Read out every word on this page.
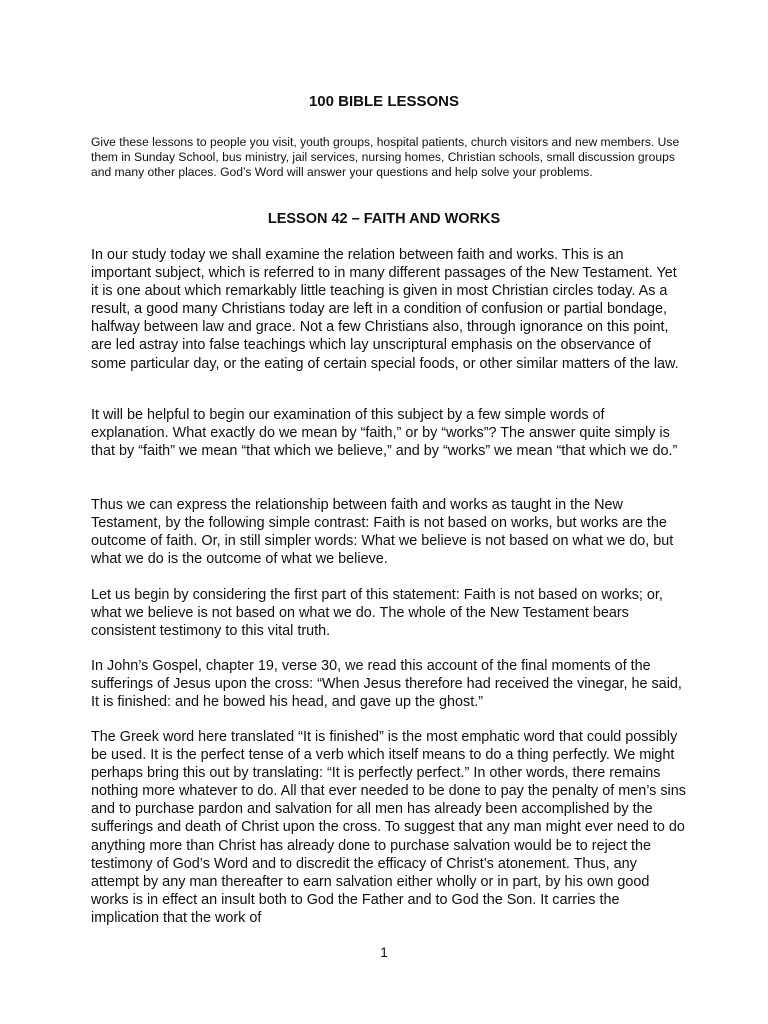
100 BIBLE LESSONS
Give these lessons to people you visit, youth groups, hospital patients, church visitors and new members. Use them in Sunday School, bus ministry, jail services, nursing homes, Christian schools, small discussion groups and many other places. God’s Word will answer your questions and help solve your problems.
LESSON 42 – FAITH AND WORKS

In our study today we shall examine the relation between faith and works. This is an important subject, which is referred to in many different passages of the New Testament. Yet it is one about which remarkably little teaching is given in most Christian circles today. As a result, a good many Christians today are left in a condition of confusion or partial bondage, halfway between law and grace. Not a few Christians also, through ignorance on this point, are led astray into false teachings which lay unscriptural emphasis on the observance of some particular day, or the eating of certain special foods, or other similar matters of the law.

It will be helpful to begin our examination of this subject by a few simple words of explanation. What exactly do we mean by “faith,” or by “works”? The answer quite simply is that by “faith” we mean “that which we believe,” and by “works” we mean “that which we do.”

Thus we can express the relationship between faith and works as taught in the New Testament, by the following simple contrast: Faith is not based on works, but works are the outcome of faith. Or, in still simpler words: What we believe is not based on what we do, but what we do is the outcome of what we believe.

Let us begin by considering the first part of this statement: Faith is not based on works; or, what we believe is not based on what we do. The whole of the New Testament bears consistent testimony to this vital truth.

In John’s Gospel, chapter 19, verse 30, we read this account of the final moments of the sufferings of Jesus upon the cross: “When Jesus therefore had received the vinegar, he said, It is finished: and he bowed his head, and gave up the ghost.”

The Greek word here translated “It is finished” is the most emphatic word that could possibly be used. It is the perfect tense of a verb which itself means to do a thing perfectly. We might perhaps bring this out by translating: “It is perfectly perfect.” In other words, there remains nothing more whatever to do. All that ever needed to be done to pay the penalty of men’s sins and to purchase pardon and salvation for all men has already been accomplished by the sufferings and death of Christ upon the cross. To suggest that any man might ever need to do anything more than Christ has already done to purchase salvation would be to reject the testimony of God’s Word and to discredit the efficacy of Christ’s atonement. Thus, any attempt by any man thereafter to earn salvation either wholly or in part, by his own good works is in effect an insult both to God the Father and to God the Son. It carries the implication that the work of

1
